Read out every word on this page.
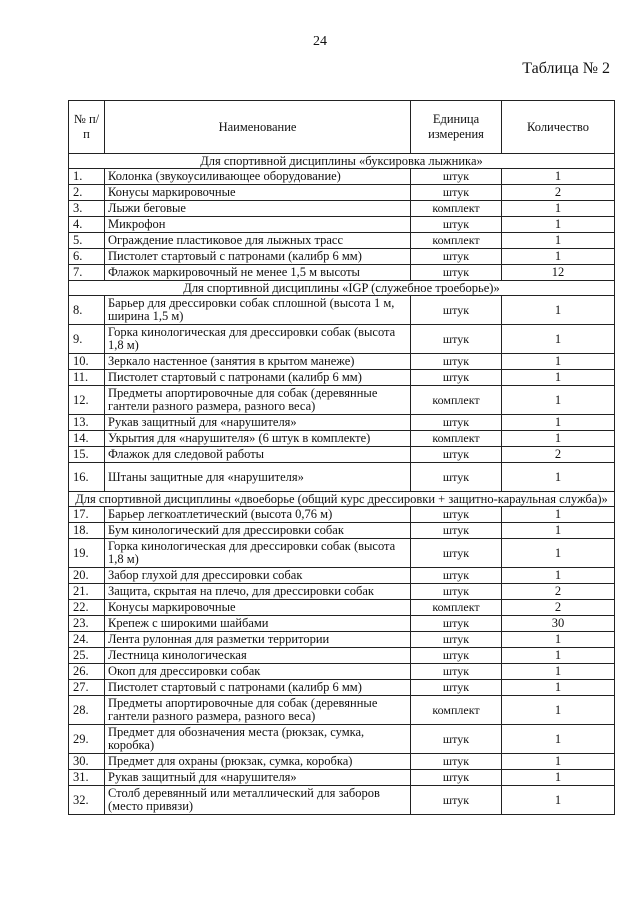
24
Таблица № 2
№ п/п	Наименование	Единица измерения	Количество
Для спортивной дисциплины «буксировка лыжника»			
1.	Колонка (звукоусиливающее оборудование)	штук	1
2.	Конусы маркировочные	штук	2
3.	Лыжи беговые	комплект	1
4.	Микрофон	штук	1
5.	Ограждение пластиковое для лыжных трасс	комплект	1
6.	Пистолет стартовый с патронами (калибр 6 мм)	штук	1
7.	Флажок маркировочный не менее 1,5 м высоты	штук	12
Для спортивной дисциплины «IGP (служебное троеборье)»			
8.	Барьер для дрессировки собак сплошной (высота 1 м, ширина 1,5 м)	штук	1
9.	Горка кинологическая для дрессировки собак (высота 1,8 м)	штук	1
10.	Зеркало настенное (занятия в крытом манеже)	штук	1
11.	Пистолет стартовый с патронами (калибр 6 мм)	штук	1
12.	Предметы апортировочные для собак (деревянные гантели разного размера, разного веса)	комплект	1
13.	Рукав защитный для «нарушителя»	штук	1
14.	Укрытия для «нарушителя» (6 штук в комплекте)	комплект	1
15.	Флажок для следовой работы	штук	2
16.	Штаны защитные для «нарушителя»	штук	1
Для спортивной дисциплины «двоеборье (общий курс дрессировки + защитно-караульная служба)»			
17.	Барьер легкоатлетический (высота 0,76 м)	штук	1
18.	Бум кинологический для дрессировки собак	штук	1
19.	Горка кинологическая для дрессировки собак (высота 1,8 м)	штук	1
20.	Забор глухой для дрессировки собак	штук	1
21.	Защита, скрытая на плечо, для дрессировки собак	штук	2
22.	Конусы маркировочные	комплект	2
23.	Крепеж с широкими шайбами	штук	30
24.	Лента рулонная для разметки территории	штук	1
25.	Лестница кинологическая	штук	1
26.	Окоп для дрессировки собак	штук	1
27.	Пистолет стартовый с патронами (калибр 6 мм)	штук	1
28.	Предметы апортировочные для собак (деревянные гантели разного размера, разного веса)	комплект	1
29.	Предмет для обозначения места (рюкзак, сумка, коробка)	штук	1
30.	Предмет для охраны (рюкзак, сумка, коробка)	штук	1
31.	Рукав защитный для «нарушителя»	штук	1
32.	Столб деревянный или металлический для заборов (место привязи)	штук	1
